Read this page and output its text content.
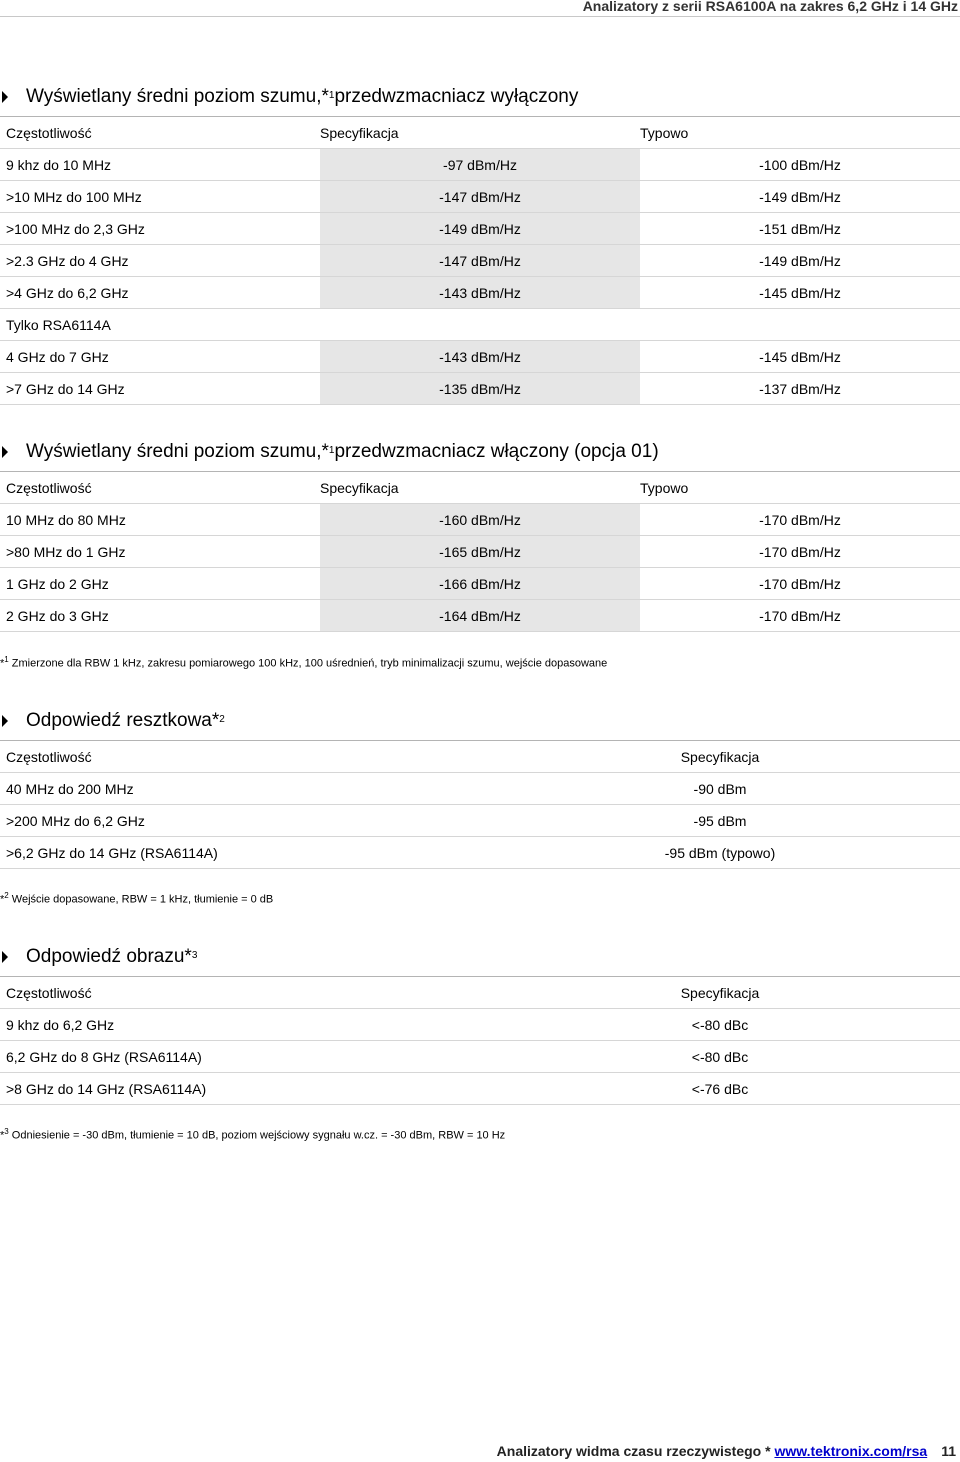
Analizatory z serii RSA6100A na zakres 6,2 GHz i 14 GHz
Wyświetlany średni poziom szumu,*$^1$ przedwzmacniacz wyłączony
Częstotliwość	Specyfikacja	Typowo
9 khz do 10 MHz	-97 dBm/Hz	-100 dBm/Hz
>10 MHz do 100 MHz	-147 dBm/Hz	-149 dBm/Hz
>100 MHz do 2,3 GHz	-149 dBm/Hz	-151 dBm/Hz
>2.3 GHz do 4 GHz	-147 dBm/Hz	-149 dBm/Hz
>4 GHz do 6,2 GHz	-143 dBm/Hz	-145 dBm/Hz
Tylko RSA6114A		
4 GHz do 7 GHz	-143 dBm/Hz	-145 dBm/Hz
>7 GHz do 14 GHz	-135 dBm/Hz	-137 dBm/Hz
Wyświetlany średni poziom szumu,*$^1$ przedwzmacniacz włączony (opcja 01)
Częstotliwość	Specyfikacja	Typowo
10 MHz do 80 MHz	-160 dBm/Hz	-170 dBm/Hz
>80 MHz do 1 GHz	-165 dBm/Hz	-170 dBm/Hz
1 GHz do 2 GHz	-166 dBm/Hz	-170 dBm/Hz
2 GHz do 3 GHz	-164 dBm/Hz	-170 dBm/Hz
*$^1$ Zmierzone dla RBW 1 kHz, zakresu pomiarowego 100 kHz, 100 uśrednień, tryb minimalizacji szumu, wejście dopasowane
Odpowiedź resztkowa*$^2$
Częstotliwość	Specyfikacja
40 MHz do 200 MHz	-90 dBm
>200 MHz do 6,2 GHz	-95 dBm
>6,2 GHz do 14 GHz (RSA6114A)	-95 dBm (typowo)
*$^2$ Wejście dopasowane, RBW = 1 kHz, tłumienie = 0 dB
Odpowiedź obrazu*$^3$
Częstotliwość	Specyfikacja
9 khz do 6,2 GHz	<-80 dBc
6,2 GHz do 8 GHz (RSA6114A)	<-80 dBc
>8 GHz do 14 GHz (RSA6114A)	<-76 dBc
*$^3$ Odniesienie = -30 dBm, tłumienie = 10 dB, poziom wejściowy sygnału w.cz. = -30 dBm, RBW = 10 Hz
Analizatory widma czasu rzeczywistego * www.tektronix.com/rsa 11
